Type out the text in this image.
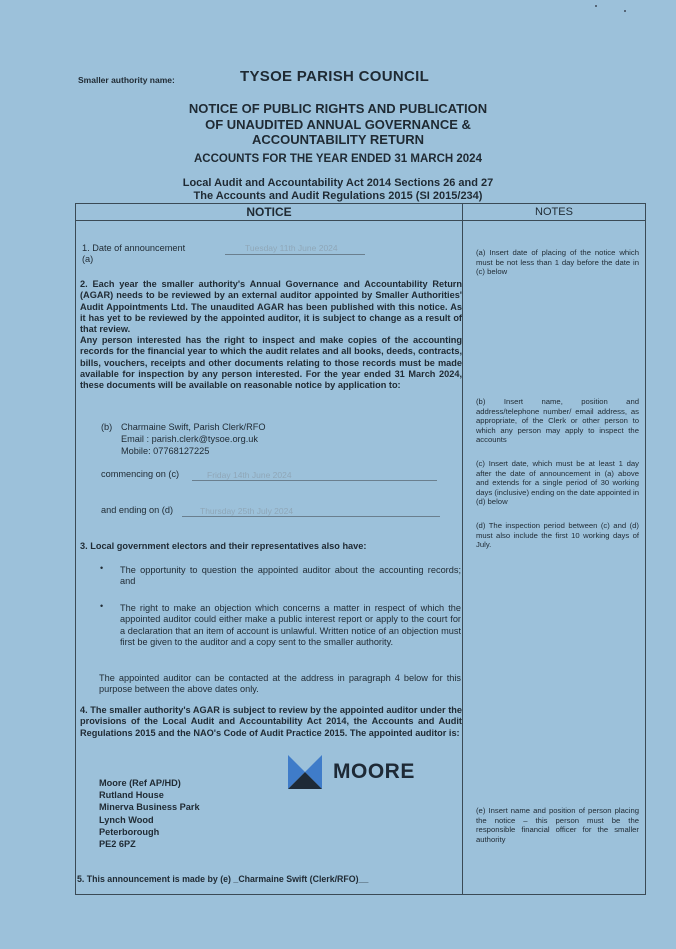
Smaller authority name:	TYSOE PARISH COUNCIL
NOTICE OF PUBLIC RIGHTS AND PUBLICATION
OF UNAUDITED ANNUAL GOVERNANCE &
ACCOUNTABILITY RETURN
ACCOUNTS FOR THE YEAR ENDED 31 MARCH 2024
Local Audit and Accountability Act 2014 Sections 26 and 27
The Accounts and Audit Regulations 2015 (SI 2015/234)
NOTICE	NOTES
1. Date of announcement
(a)
Tuesday 11th June 2024
2. Each year the smaller authority's Annual Governance and Accountability Return (AGAR) needs to be reviewed by an external auditor appointed by Smaller Authorities' Audit Appointments Ltd. The unaudited AGAR has been published with this notice. As it has yet to be reviewed by the appointed auditor, it is subject to change as a result of that review.
Any person interested has the right to inspect and make copies of the accounting records for the financial year to which the audit relates and all books, deeds, contracts, bills, vouchers, receipts and other documents relating to those records must be made available for inspection by any person interested. For the year ended 31 March 2024, these documents will be available on reasonable notice by application to:
(b) Charmaine Swift, Parish Clerk/RFO
Email : parish.clerk@tysoe.org.uk
Mobile: 07768127225
commencing on (c)	Friday 14th June 2024
and ending on (d)	Thursday 25th July 2024
3. Local government electors and their representatives also have:
• The opportunity to question the appointed auditor about the accounting records; and
• The right to make an objection which concerns a matter in respect of which the appointed auditor could either make a public interest report or apply to the court for a declaration that an item of account is unlawful. Written notice of an objection must first be given to the auditor and a copy sent to the smaller authority.
The appointed auditor can be contacted at the address in paragraph 4 below for this purpose between the above dates only.
4. The smaller authority's AGAR is subject to review by the appointed auditor under the provisions of the Local Audit and Accountability Act 2014, the Accounts and Audit Regulations 2015 and the NAO's Code of Audit Practice 2015. The appointed auditor is:
Moore (Ref AP/HD)
Rutland House
Minerva Business Park
Lynch Wood
Peterborough
PE2 6PZ
MOORE
5. This announcement is made by (e) _Charmaine Swift (Clerk/RFO)__
(a) Insert date of placing of the notice which must be not less than 1 day before the date in (c) below
(b) Insert name, position and address/telephone number/ email address, as appropriate, of the Clerk or other person to which any person may apply to inspect the accounts
(c) Insert date, which must be at least 1 day after the date of announcement in (a) above and extends for a single period of 30 working days (inclusive) ending on the date appointed in (d) below
(d) The inspection period between (c) and (d) must also include the first 10 working days of July.
(e) Insert name and position of person placing the notice – this person must be the responsible financial officer for the smaller authority
